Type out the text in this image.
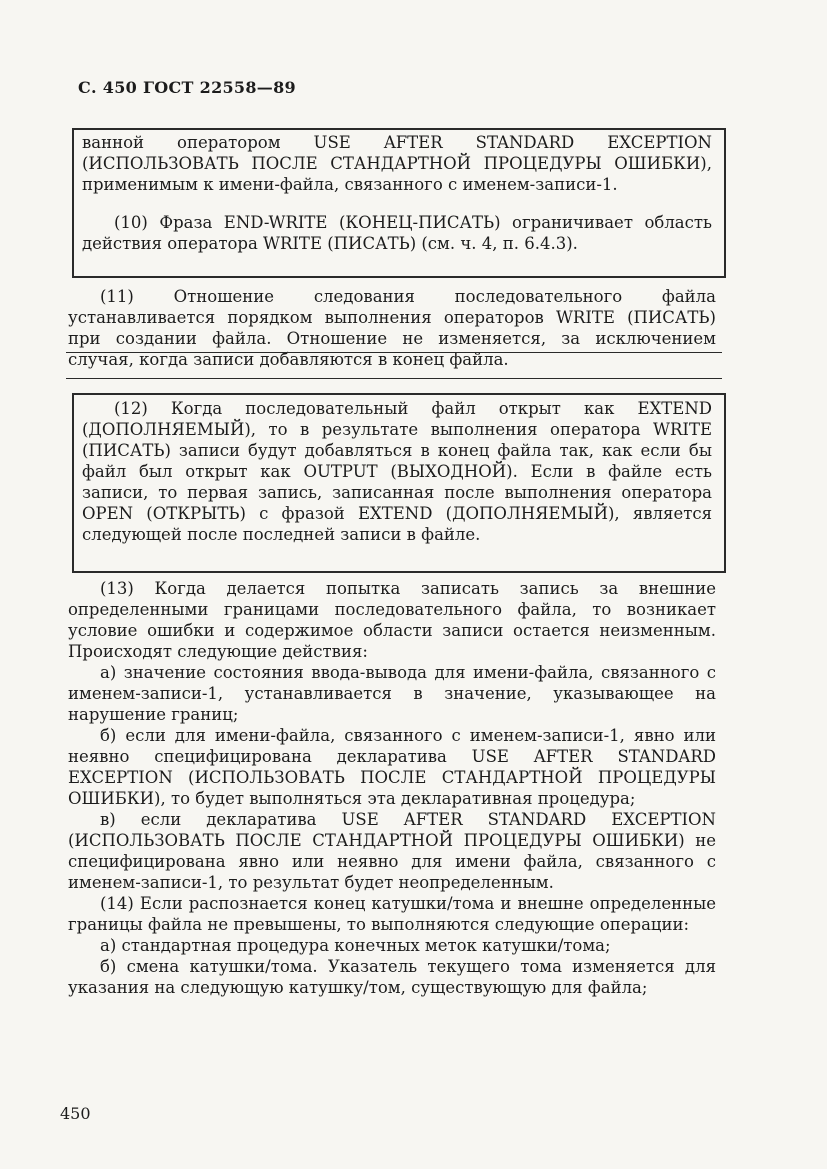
С. 450 ГОСТ 22558—89
ванной оператором USE AFTER STANDARD EXCEPTION (ИСПОЛЬЗОВАТЬ ПОСЛЕ СТАНДАРТНОЙ ПРОЦЕДУРЫ ОШИБКИ), применимым к имени-файла, связанного с именем-записи-1.
(10) Фраза END-WRITE (КОНЕЦ-ПИСАТЬ) ограничивает область действия оператора WRITE (ПИСАТЬ) (см. ч. 4, п. 6.4.3).
(11) Отношение следования последовательного файла устанавливается порядком выполнения операторов WRITE (ПИСАТЬ) при создании файла. Отношение не изменяется, за исключением случая, когда записи добавляются в конец файла.
(12) Когда последовательный файл открыт как EXTEND (ДОПОЛНЯЕМЫЙ), то в результате выполнения оператора WRITE (ПИСАТЬ) записи будут добавляться в конец файла так, как если бы файл был открыт как OUTPUT (ВЫХОДНОЙ). Если в файле есть записи, то первая запись, записанная после выполнения оператора OPEN (ОТКРЫТЬ) с фразой EXTEND (ДОПОЛНЯЕМЫЙ), является следующей после последней записи в файле.
(13) Когда делается попытка записать запись за внешние определенными границами последовательного файла, то возникает условие ошибки и содержимое области записи остается неизменным. Происходят следующие действия:
а) значение состояния ввода-вывода для имени-файла, связанного с именем-записи-1, устанавливается в значение, указывающее на нарушение границ;
б) если для имени-файла, связанного с именем-записи-1, явно или неявно специфицирована декларатива USE AFTER STANDARD EXCEPTION (ИСПОЛЬЗОВАТЬ ПОСЛЕ СТАНДАРТНОЙ ПРОЦЕДУРЫ ОШИБКИ), то будет выполняться эта декларативная процедура;
в) если декларатива USE AFTER STANDARD EXCEPTION (ИСПОЛЬЗОВАТЬ ПОСЛЕ СТАНДАРТНОЙ ПРОЦЕДУРЫ ОШИБКИ) не специфицирована явно или неявно для имени файла, связанного с именем-записи-1, то результат будет неопределенным.
(14) Если распознается конец катушки/тома и внешне определенные границы файла не превышены, то выполняются следующие операции:
а) стандартная процедура конечных меток катушки/тома;
б) смена катушки/тома. Указатель текущего тома изменяется для указания на следующую катушку/том, существующую для файла;
450
